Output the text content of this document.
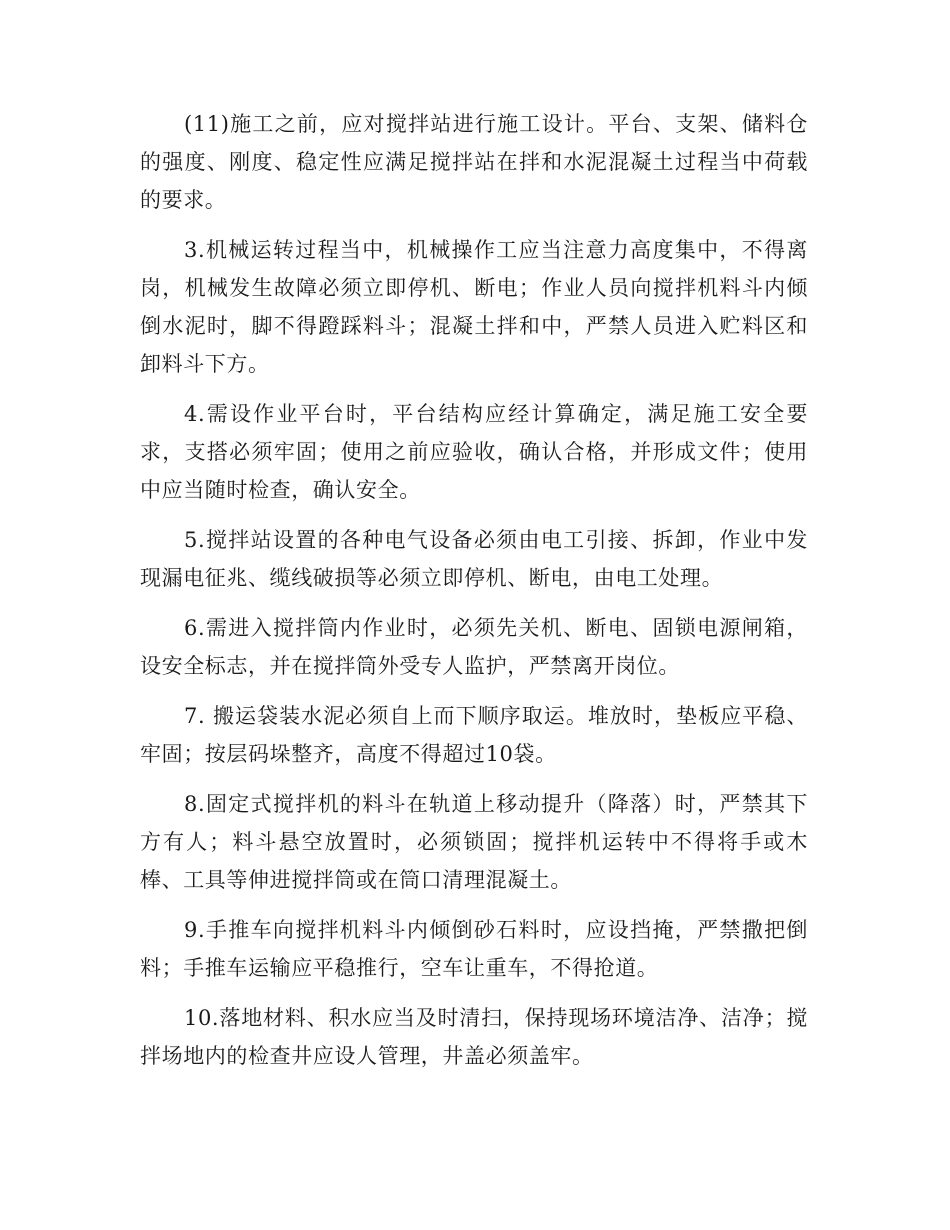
(11)施工之前，应对搅拌站进行施工设计。平台、支架、储料仓的强度、刚度、稳定性应满足搅拌站在拌和水泥混凝土过程当中荷载的要求。

3.机械运转过程当中，机械操作工应当注意力高度集中，不得离岗，机械发生故障必须立即停机、断电；作业人员向搅拌机料斗内倾倒水泥时，脚不得蹬踩料斗；混凝土拌和中，严禁人员进入贮料区和卸料斗下方。

4.需设作业平台时，平台结构应经计算确定，满足施工安全要求，支搭必须牢固；使用之前应验收，确认合格，并形成文件；使用中应当随时检查，确认安全。

5.搅拌站设置的各种电气设备必须由电工引接、拆卸，作业中发现漏电征兆、缆线破损等必须立即停机、断电，由电工处理。

6.需进入搅拌筒内作业时，必须先关机、断电、固锁电源闸箱，设安全标志，并在搅拌筒外受专人监护，严禁离开岗位。

7. 搬运袋装水泥必须自上而下顺序取运。堆放时，垫板应平稳、牢固；按层码垛整齐，高度不得超过10袋。

8.固定式搅拌机的料斗在轨道上移动提升（降落）时，严禁其下方有人；料斗悬空放置时，必须锁固；搅拌机运转中不得将手或木棒、工具等伸进搅拌筒或在筒口清理混凝土。

9.手推车向搅拌机料斗内倾倒砂石料时，应设挡掩，严禁撒把倒料；手推车运输应平稳推行，空车让重车，不得抢道。

10.落地材料、积水应当及时清扫，保持现场环境洁净、洁净；搅拌场地内的检查井应设人管理，井盖必须盖牢。
